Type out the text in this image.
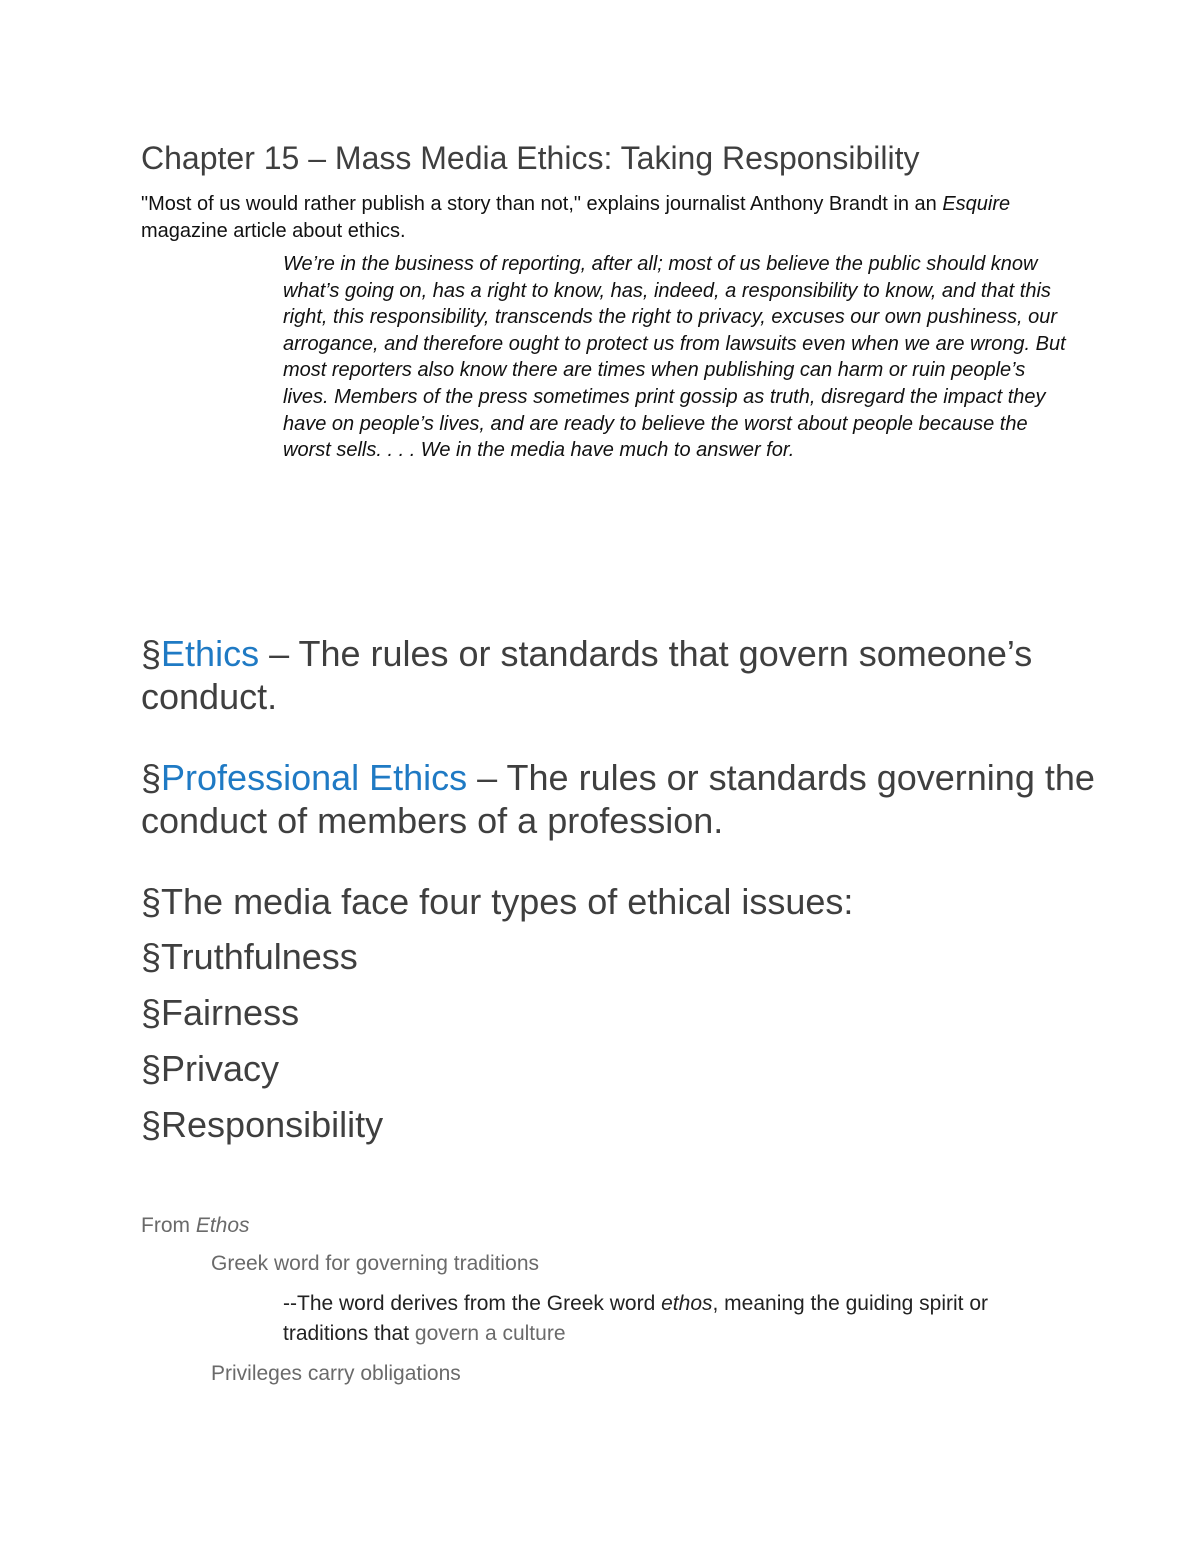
Chapter 15 – Mass Media Ethics: Taking Responsibility

"Most of us would rather publish a story than not," explains journalist Anthony Brandt in an Esquire magazine article about ethics.

We’re in the business of reporting, after all; most of us believe the public should know what’s going on, has a right to know, has, indeed, a responsibility to know, and that this right, this responsibility, transcends the right to privacy, excuses our own pushiness, our arrogance, and therefore ought to protect us from lawsuits even when we are wrong. But most reporters also know there are times when publishing can harm or ruin people’s lives. Members of the press sometimes print gossip as truth, disregard the impact they have on people’s lives, and are ready to believe the worst about people because the worst sells. . . . We in the media have much to answer for.

§Ethics – The rules or standards that govern someone’s conduct.

§Professional Ethics – The rules or standards governing the conduct of members of a profession.

§The media face four types of ethical issues:

§Truthfulness

§Fairness

§Privacy

§Responsibility

From Ethos

Greek word for governing traditions

--The word derives from the Greek word ethos, meaning the guiding spirit or traditions that govern a culture

Privileges carry obligations
